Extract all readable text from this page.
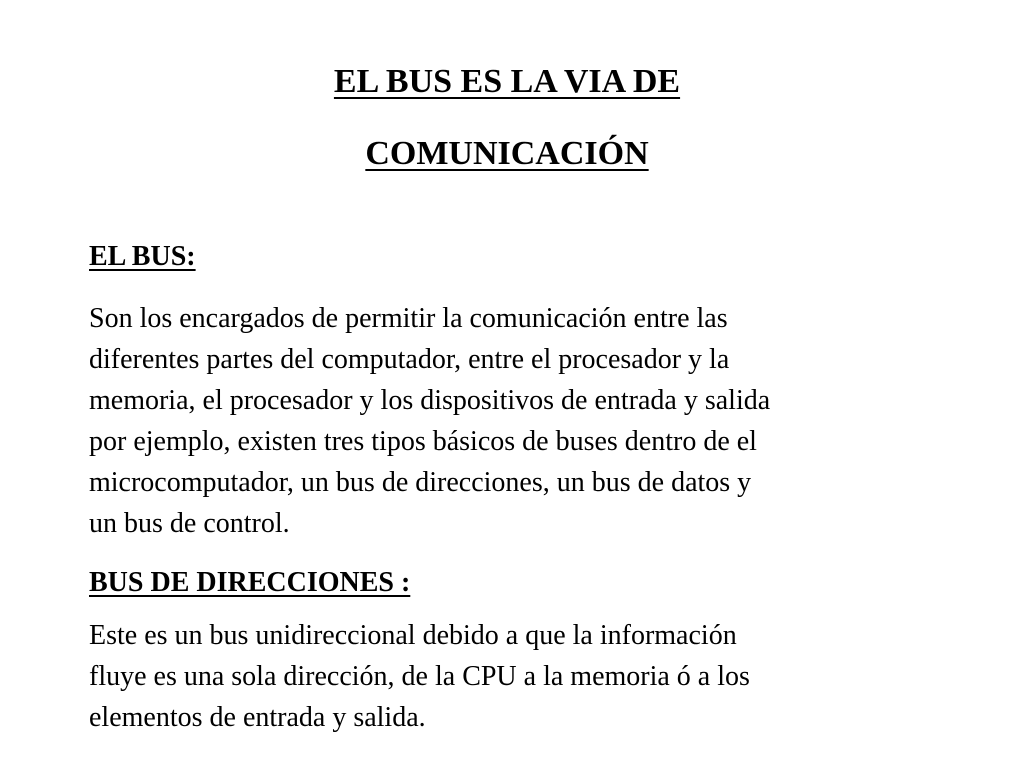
EL BUS ES LA VIA DE
COMUNICACIÓN
EL BUS:

Son los encargados de permitir la comunicación entre las
diferentes partes del computador, entre el procesador y la
memoria, el procesador y los dispositivos de entrada y salida
por ejemplo, existen tres tipos básicos de buses dentro de el
microcomputador, un bus de direcciones, un bus de datos y
un bus de control.

BUS DE DIRECCIONES :

Este es un bus unidireccional debido a que la información
fluye es una sola dirección, de la CPU a la memoria ó a los
elementos de entrada y salida.
